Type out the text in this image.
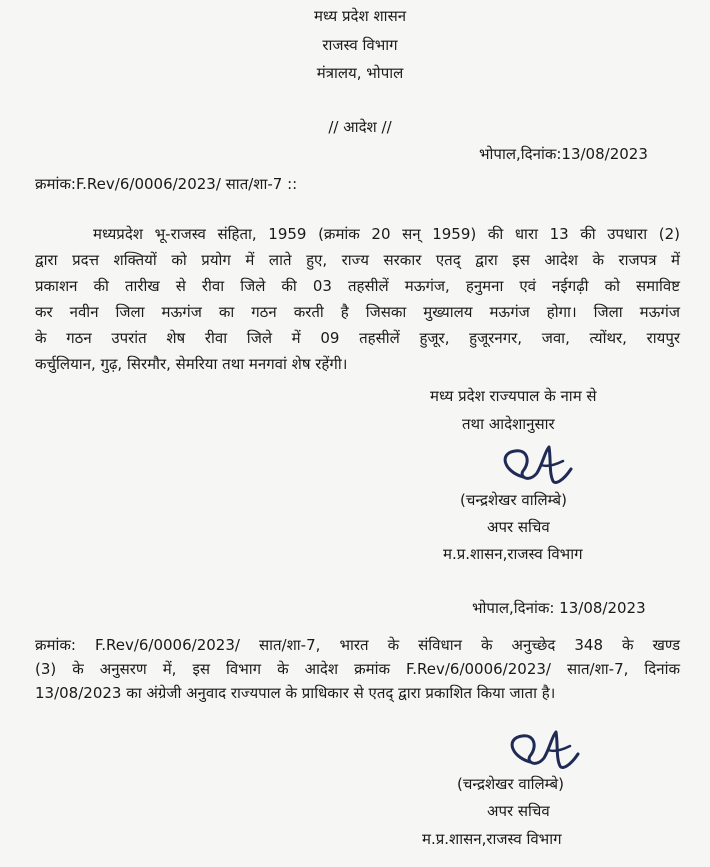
मध्य प्रदेश शासन
राजस्व विभाग
मंत्रालय, भोपाल
// आदेश //
भोपाल,दिनांक:13/08/2023
क्रमांक:F.Rev/6/0006/2023/ सात/शा-7 ::
मध्यप्रदेश भू-राजस्व संहिता, 1959 (क्रमांक 20 सन् 1959) की धारा 13 की उपधारा (2)
द्वारा प्रदत्त शक्तियों को प्रयोग में लाते हुए, राज्य सरकार एतद् द्वारा इस आदेश के राजपत्र में
प्रकाशन की तारीख से रीवा जिले की 03 तहसीलें मऊगंज, हनुमना एवं नईगढ़ी को समाविष्ट
कर नवीन जिला मऊगंज का गठन करती है जिसका मुख्यालय मऊगंज होगा। जिला मऊगंज
के गठन उपरांत शेष रीवा जिले में 09 तहसीलें हुजूर, हुजूरनगर, जवा, त्योंथर, रायपुर
कर्चुलियान, गुढ़, सिरमौर, सेमरिया तथा मनगवां शेष रहेंगी।
मध्य प्रदेश राज्यपाल के नाम से
तथा आदेशानुसार
(चन्द्रशेखर वालिम्बे)
अपर सचिव
म.प्र.शासन,राजस्व विभाग
भोपाल,दिनांक: 13/08/2023
क्रमांक: F.Rev/6/0006/2023/ सात/शा-7, भारत के संविधान के अनुच्छेद 348 के खण्ड
(3) के अनुसरण में, इस विभाग के आदेश क्रमांक F.Rev/6/0006/2023/ सात/शा-7, दिनांक
13/08/2023 का अंग्रेजी अनुवाद राज्यपाल के प्राधिकार से एतद् द्वारा प्रकाशित किया जाता है।
(चन्द्रशेखर वालिम्बे)
अपर सचिव
म.प्र.शासन,राजस्व विभाग
